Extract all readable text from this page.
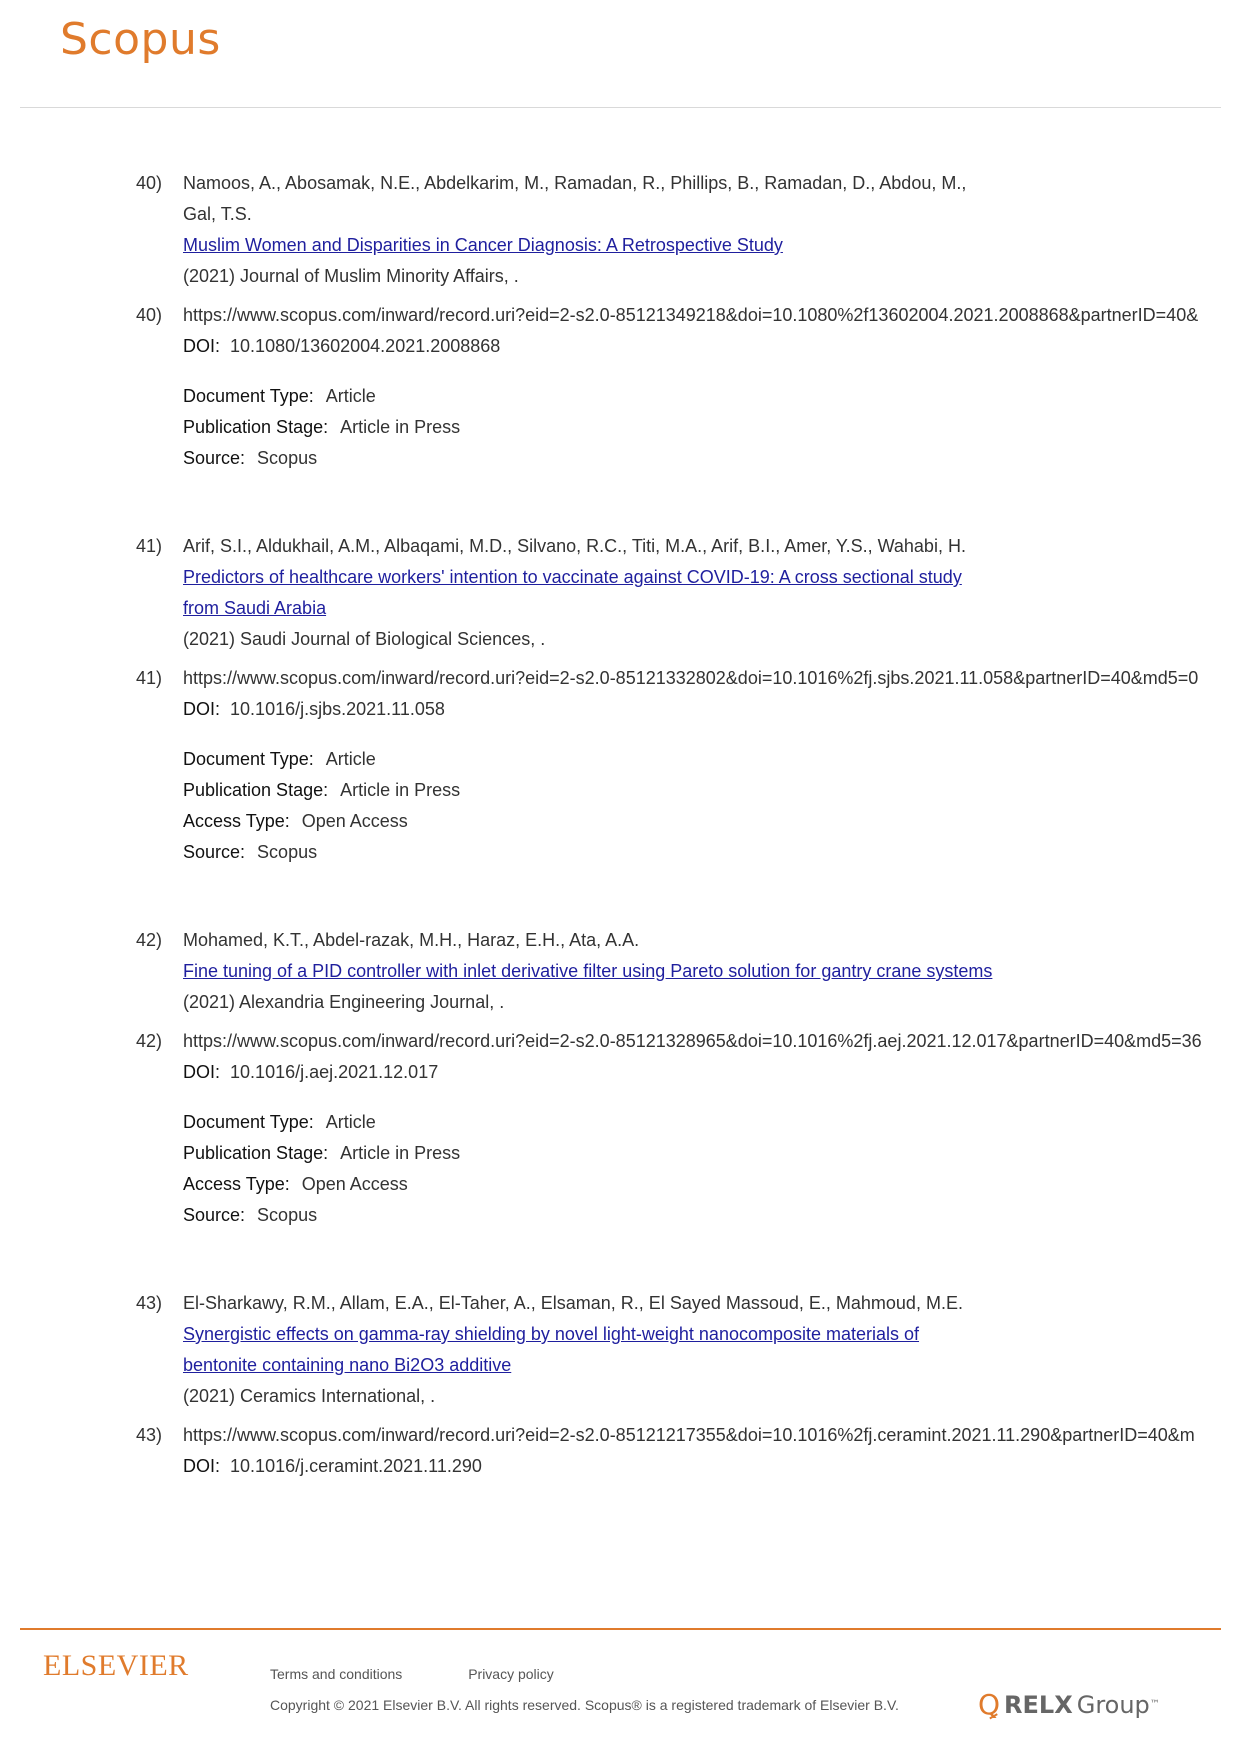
Scopus
40)	Namoos, A., Abosamak, N.E., Abdelkarim, M., Ramadan, R., Phillips, B., Ramadan, D., Abdou, M.,
Gal, T.S.
Muslim Women and Disparities in Cancer Diagnosis: A Retrospective Study
(2021) Journal of Muslim Minority Affairs, .
40)	https://www.scopus.com/inward/record.uri?eid=2-s2.0-85121349218&doi=10.1080%2f13602004.2021.2008868&partnerID=40&
DOI: 10.1080/13602004.2021.2008868
Document Type: Article
Publication Stage: Article in Press
Source: Scopus
41)	Arif, S.I., Aldukhail, A.M., Albaqami, M.D., Silvano, R.C., Titi, M.A., Arif, B.I., Amer, Y.S., Wahabi, H.
Predictors of healthcare workers' intention to vaccinate against COVID-19: A cross sectional study
from Saudi Arabia
(2021) Saudi Journal of Biological Sciences, .
41)	https://www.scopus.com/inward/record.uri?eid=2-s2.0-85121332802&doi=10.1016%2fj.sjbs.2021.11.058&partnerID=40&md5=0
DOI: 10.1016/j.sjbs.2021.11.058
Document Type: Article
Publication Stage: Article in Press
Access Type: Open Access
Source: Scopus
42)	Mohamed, K.T., Abdel-razak, M.H., Haraz, E.H., Ata, A.A.
Fine tuning of a PID controller with inlet derivative filter using Pareto solution for gantry crane systems
(2021) Alexandria Engineering Journal, .
42)	https://www.scopus.com/inward/record.uri?eid=2-s2.0-85121328965&doi=10.1016%2fj.aej.2021.12.017&partnerID=40&md5=36
DOI: 10.1016/j.aej.2021.12.017
Document Type: Article
Publication Stage: Article in Press
Access Type: Open Access
Source: Scopus
43)	El-Sharkawy, R.M., Allam, E.A., El-Taher, A., Elsaman, R., El Sayed Massoud, E., Mahmoud, M.E.
Synergistic effects on gamma-ray shielding by novel light-weight nanocomposite materials of
bentonite containing nano Bi2O3 additive
(2021) Ceramics International, .
43)	https://www.scopus.com/inward/record.uri?eid=2-s2.0-85121217355&doi=10.1016%2fj.ceramint.2021.11.290&partnerID=40&m
DOI: 10.1016/j.ceramint.2021.11.290
ELSEVIER	Terms and conditions	Privacy policy
Copyright © 2021 Elsevier B.V. All rights reserved. Scopus® is a registered trademark of Elsevier B.V.	Ꝗ RELX Group ™
